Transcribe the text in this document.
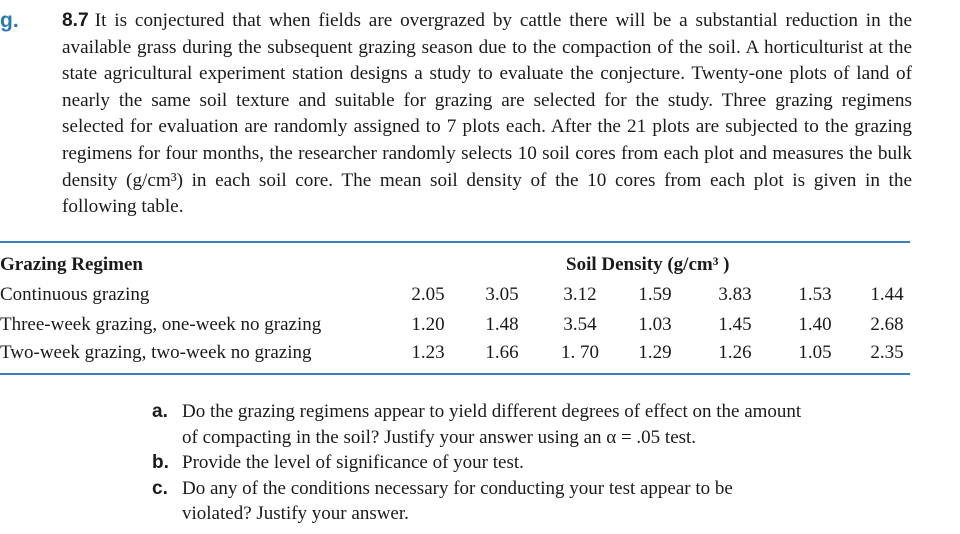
g. 8.7 It is conjectured that when fields are overgrazed by cattle there will be a substantial reduction in the available grass during the subsequent grazing season due to the compaction of the soil. A horticulturist at the state agricultural experiment station designs a study to evaluate the conjecture. Twenty-one plots of land of nearly the same soil texture and suitable for grazing are selected for the study. Three grazing regimens selected for evaluation are randomly assigned to 7 plots each. After the 21 plots are subjected to the grazing regimens for four months, the researcher randomly selects 10 soil cores from each plot and measures the bulk density (g/cm³) in each soil core. The mean soil density of the 10 cores from each plot is given in the following table.

Grazing Regimen	Soil Density (g/cm³ )
Continuous grazing	2.05	3.05	3.12	1.59	3.83	1.53	1.44
Three-week grazing, one-week no grazing	1.20	1.48	3.54	1.03	1.45	1.40	2.68
Two-week grazing, two-week no grazing	1.23	1.66	1. 70	1.29	1.26	1.05	2.35
a. Do the grazing regimens appear to yield different degrees of effect on the amount
of compacting in the soil? Justify your answer using an α = .05 test.
b. Provide the level of significance of your test.
c. Do any of the conditions necessary for conducting your test appear to be
violated? Justify your answer.
